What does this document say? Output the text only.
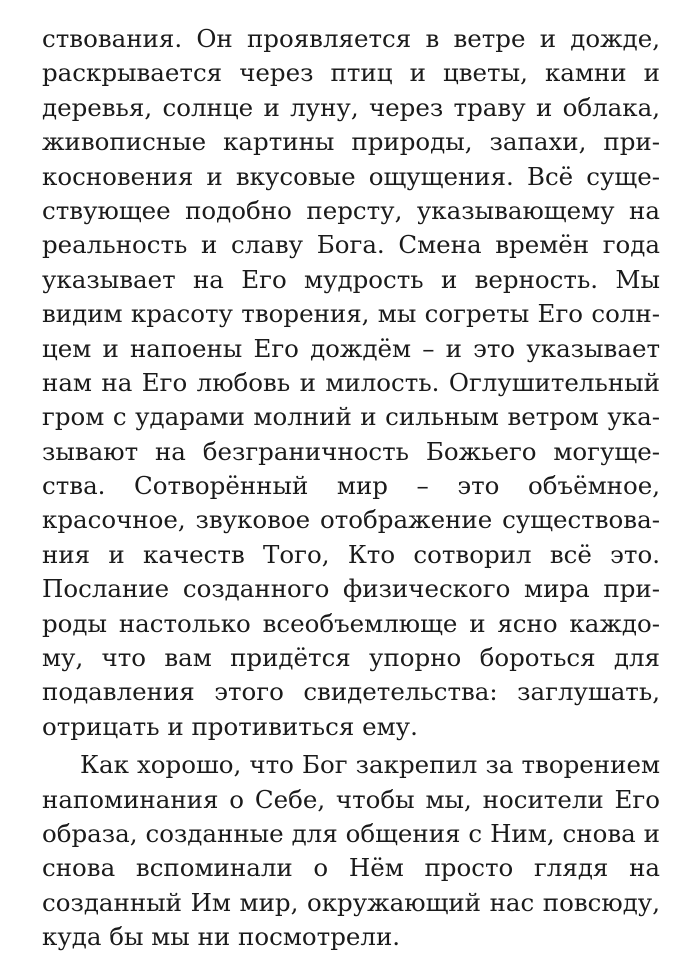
ствования. Он проявляется в ветре и дожде,
раскрывается через птиц и цветы, камни и
деревья, солнце и луну, через траву и облака,
живописные картины природы, запахи, при-
косновения и вкусовые ощущения. Всё суще-
ствующее подобно персту, указывающему на
реальность и славу Бога. Смена времён года
указывает на Его мудрость и верность. Мы
видим красоту творения, мы согреты Его солн-
цем и напоены Его дождём – и это указывает
нам на Его любовь и милость. Оглушительный
гром с ударами молний и сильным ветром ука-
зывают на безграничность Божьего могуще-
ства. Сотворённый мир – это объёмное,
красочное, звуковое отображение существова-
ния и качеств Того, Кто сотворил всё это.
Послание созданного физического мира при-
роды настолько всеобъемлюще и ясно каждо-
му, что вам придётся упорно бороться для
подавления этого свидетельства: заглушать,
отрицать и противиться ему.
Как хорошо, что Бог закрепил за творением
напоминания о Себе, чтобы мы, носители Его
образа, созданные для общения с Ним, снова и
снова вспоминали о Нём просто глядя на
созданный Им мир, окружающий нас повсюду,
куда бы мы ни посмотрели.
